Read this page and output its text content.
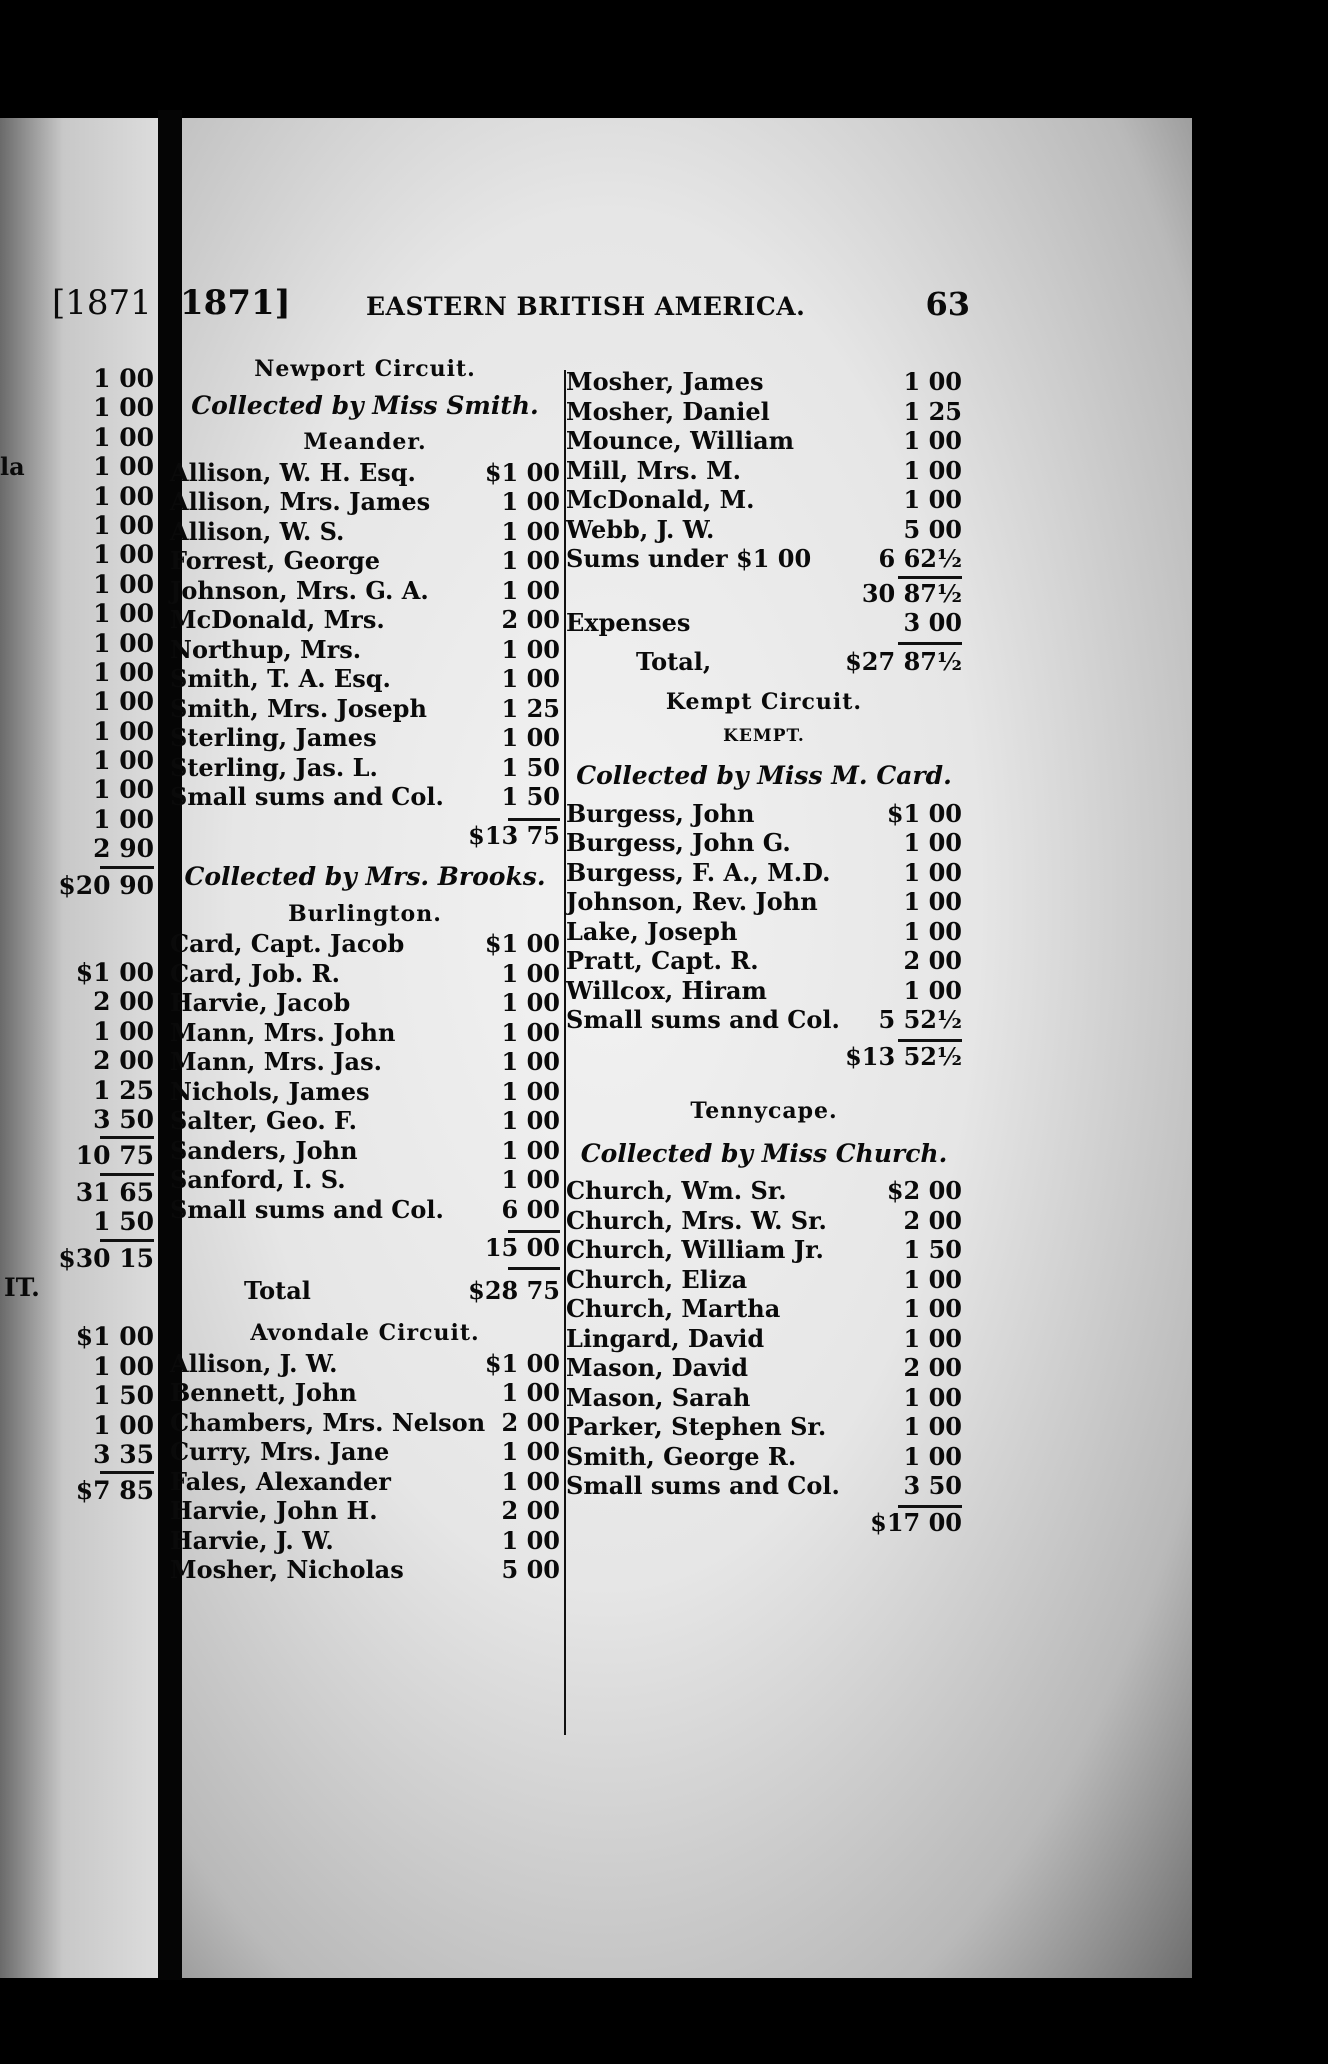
[1871
la
1 00
1 00
1 00
1 00
1 00
1 00
1 00
1 00
1 00
1 00
1 00
1 00
1 00
1 00
1 00
1 00
2 90
$20 90
$1 00
2 00
1 00
2 00
1 25
3 50
10 75
31 65
1 50
$30 15
IT.
$1 00
1 00
1 50
1 00
3 35
$7 85
1871]	EASTERN BRITISH AMERICA.	63
Newport Circuit.
Collected by Miss Smith.
Meander.
Allison, W. H. Esq.	$1 00
Allison, Mrs. James	1 00
Allison, W. S.	1 00
Forrest, George	1 00
Johnson, Mrs. G. A.	1 00
McDonald, Mrs.	2 00
Northup, Mrs.	1 00
Smith, T. A. Esq.	1 00
Smith, Mrs. Joseph	1 25
Sterling, James	1 00
Sterling, Jas. L.	1 50
Small sums and Col. 1 50
$13 75
Collected by Mrs. Brooks.
Burlington.
Card, Capt. Jacob	$1 00
Card, Job. R.	1 00
Harvie, Jacob	1 00
Mann, Mrs. John	1 00
Mann, Mrs. Jas.	1 00
Nichols, James	1 00
Salter, Geo. F.	1 00
Sanders, John	1 00
Sanford, I. S.	1 00
Small sums and Col. 6 00
15 00
Total	$28 75
Avondale Circuit.
Allison, J. W.	$1 00
Bennett, John	1 00
Chambers, Mrs. Nelson 2 00
Curry, Mrs. Jane	1 00
Fales, Alexander	1 00
Harvie, John H.	2 00
Harvie, J. W.	1 00
Mosher, Nicholas	5 00
Mosher, James	1 00
Mosher, Daniel	1 25
Mounce, William	1 00
Mill, Mrs. M.	1 00
McDonald, M.	1 00
Webb, J. W.	5 00
Sums under $1 00	6 62½
30 87½
Expenses	3 00
Total,	$27 87½
Kempt Circuit.
KEMPT.
Collected by Miss M. Card.
Burgess, John	$1 00
Burgess, John G.	1 00
Burgess, F. A., M.D.	1 00
Johnson, Rev. John	1 00
Lake, Joseph	1 00
Pratt, Capt. R.	2 00
Willcox, Hiram	1 00
Small sums and Col. 5 52½
$13 52½
Tennycape.
Collected by Miss Church.
Church, Wm. Sr.	$2 00
Church, Mrs. W. Sr.	2 00
Church, William Jr.	1 50
Church, Eliza	1 00
Church, Martha	1 00
Lingard, David	1 00
Mason, David	2 00
Mason, Sarah	1 00
Parker, Stephen Sr.	1 00
Smith, George R.	1 00
Small sums and Col.	3 50
$17 00
